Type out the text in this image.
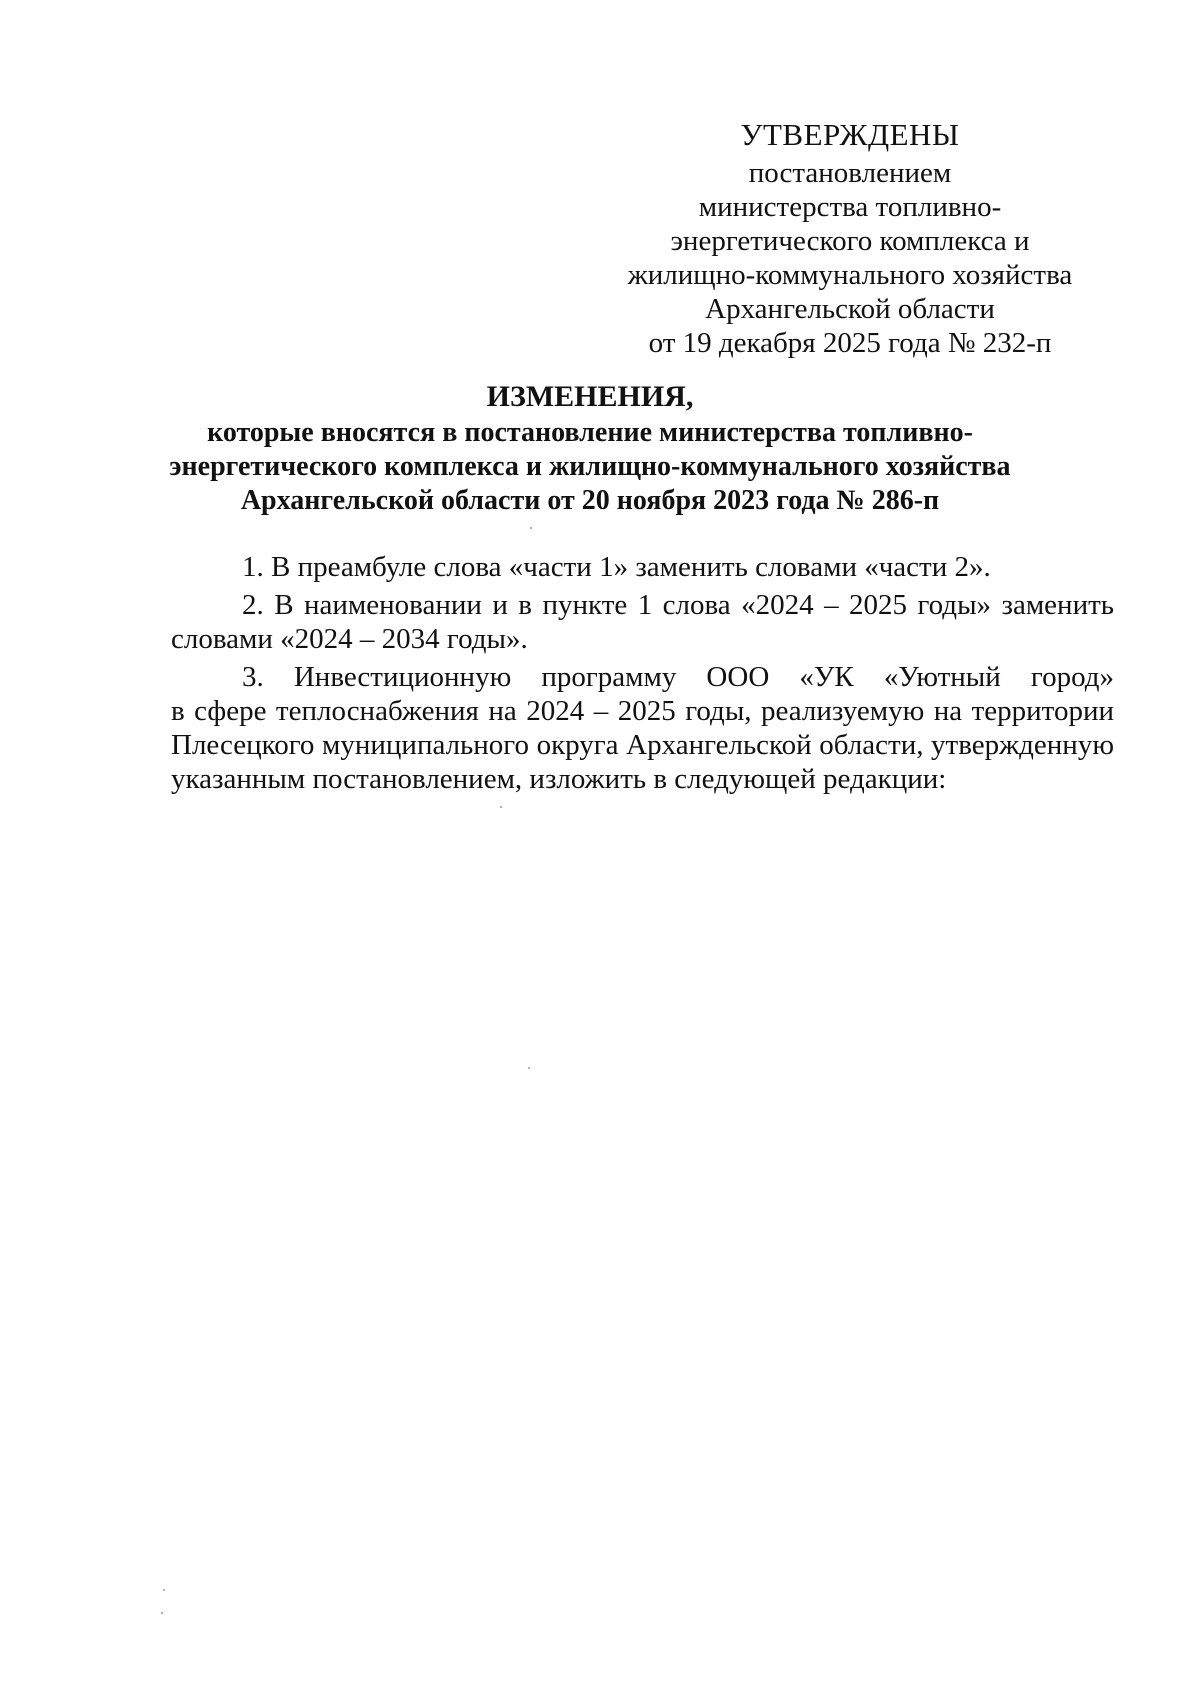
УТВЕРЖДЕНЫ
постановлением
министерства топливно-
энергетического комплекса и
жилищно-коммунального хозяйства
Архангельской области
от 19 декабря 2025 года № 232-п
ИЗМЕНЕНИЯ,
которые вносятся в постановление министерства топливно-
энергетического комплекса и жилищно-коммунального хозяйства
Архангельской области от 20 ноября 2023 года № 286-п
1. В преамбуле слова «части 1» заменить словами «части 2».
2. В наименовании и в пункте 1 слова «2024 – 2025 годы» заменить
словами «2024 – 2034 годы».
3. Инвестиционную программу ООО «УК «Уютный город»
в сфере теплоснабжения на 2024 – 2025 годы, реализуемую на территории
Плесецкого муниципального округа Архангельской области, утвержденную
указанным постановлением, изложить в следующей редакции:
